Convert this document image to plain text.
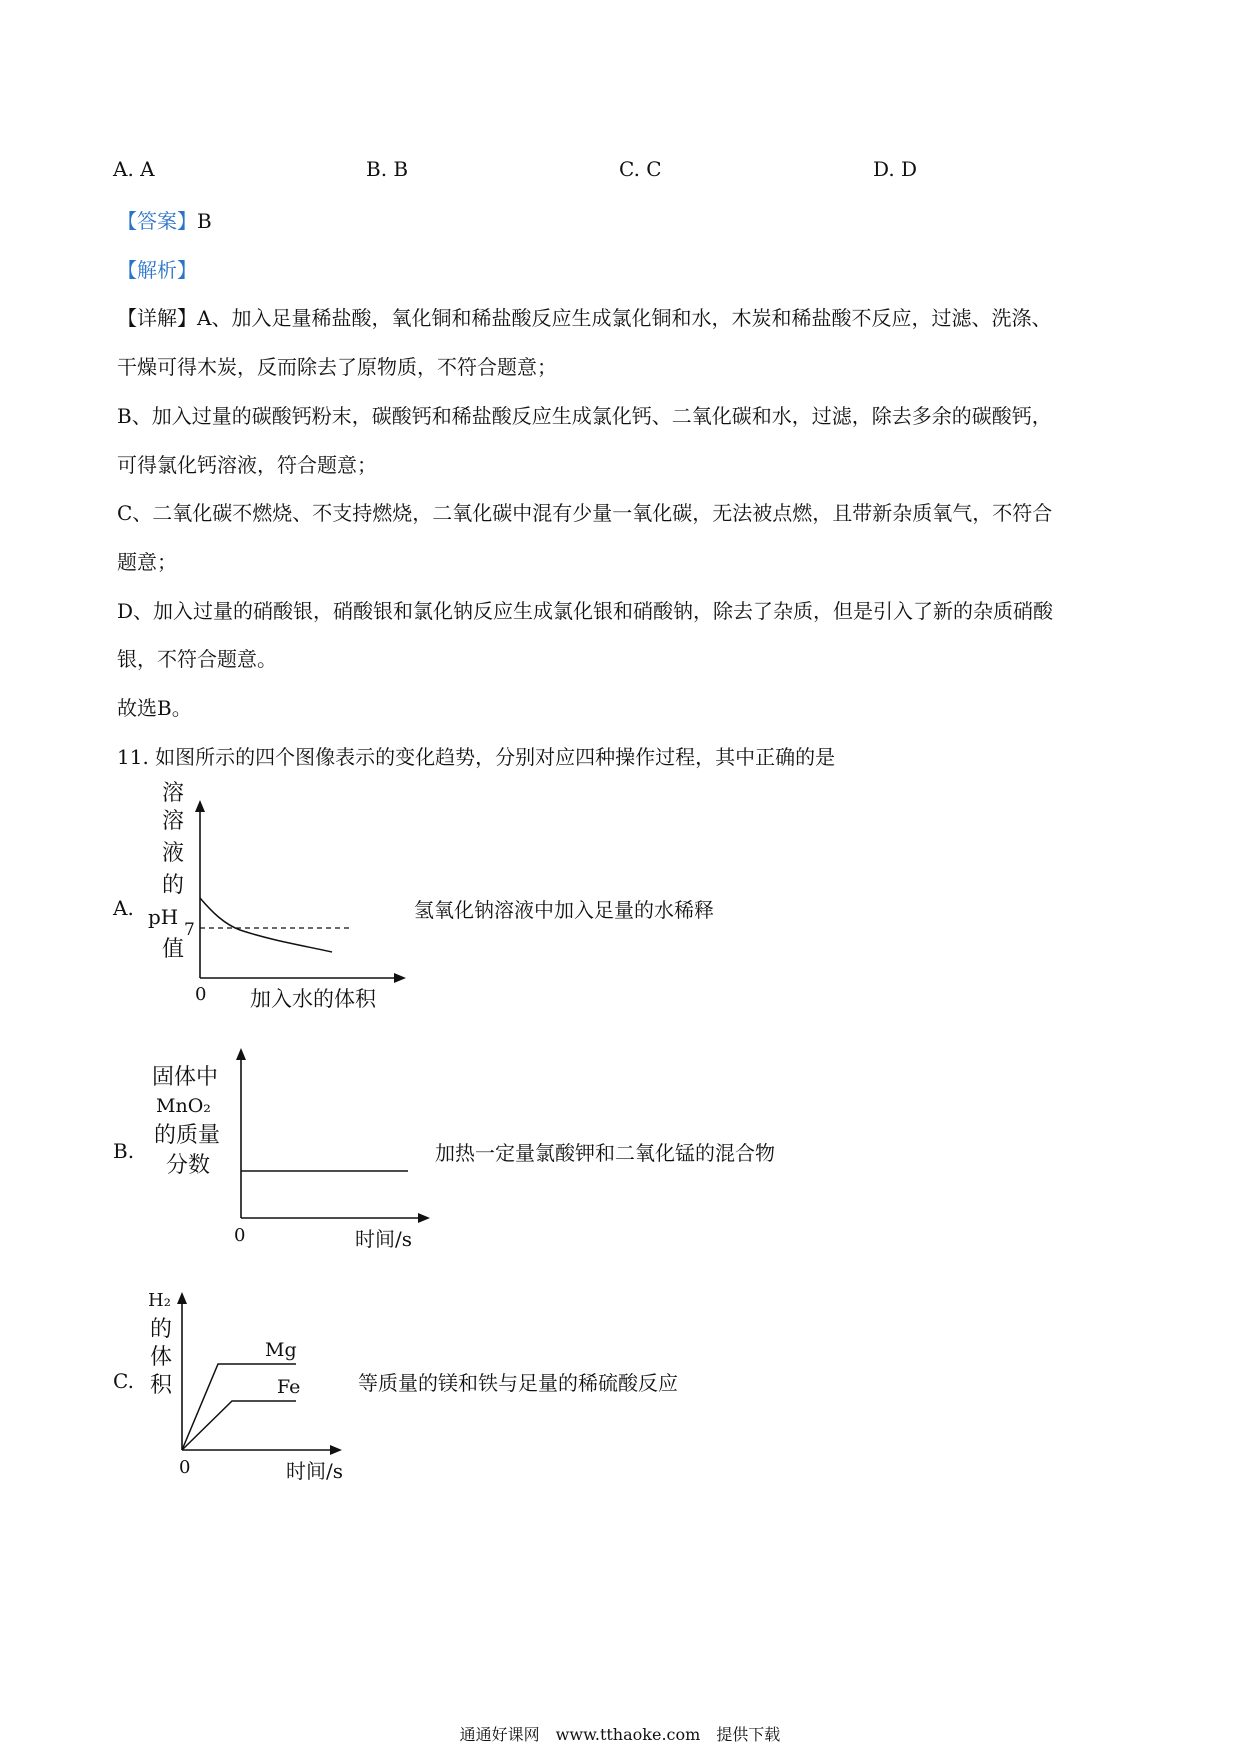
A. A	B. B	C. C	D. D
【答案】B
【解析】
【详解】A、加入足量稀盐酸，氧化铜和稀盐酸反应生成氯化铜和水，木炭和稀盐酸不反应，过滤、洗涤、
干燥可得木炭，反而除去了原物质，不符合题意；
B、加入过量的碳酸钙粉末，碳酸钙和稀盐酸反应生成氯化钙、二氧化碳和水，过滤，除去多余的碳酸钙，
可得氯化钙溶液，符合题意；
C、二氧化碳不燃烧、不支持燃烧，二氧化碳中混有少量一氧化碳，无法被点燃，且带新杂质氧气，不符合
题意；
D、加入过量的硝酸银，硝酸银和氯化钠反应生成氯化银和硝酸钠，除去了杂质，但是引入了新的杂质硝酸
银，不符合题意。
故选B。
11. 如图所示的四个图像表示的变化趋势，分别对应四种操作过程，其中正确的是
A.
溶
溶
液
的
pH
值
7
0 加入水的体积
氢氧化钠溶液中加入足量的水稀释
B.
固体中
MnO₂
的质量
分数
0	时间/s
加热一定量氯酸钾和二氧化锰的混合物
C.
H₂
的
体
积
Mg
Fe
0	时间/s
等质量的镁和铁与足量的稀硫酸反应
通通好课网　www.tthaoke.com　提供下载
